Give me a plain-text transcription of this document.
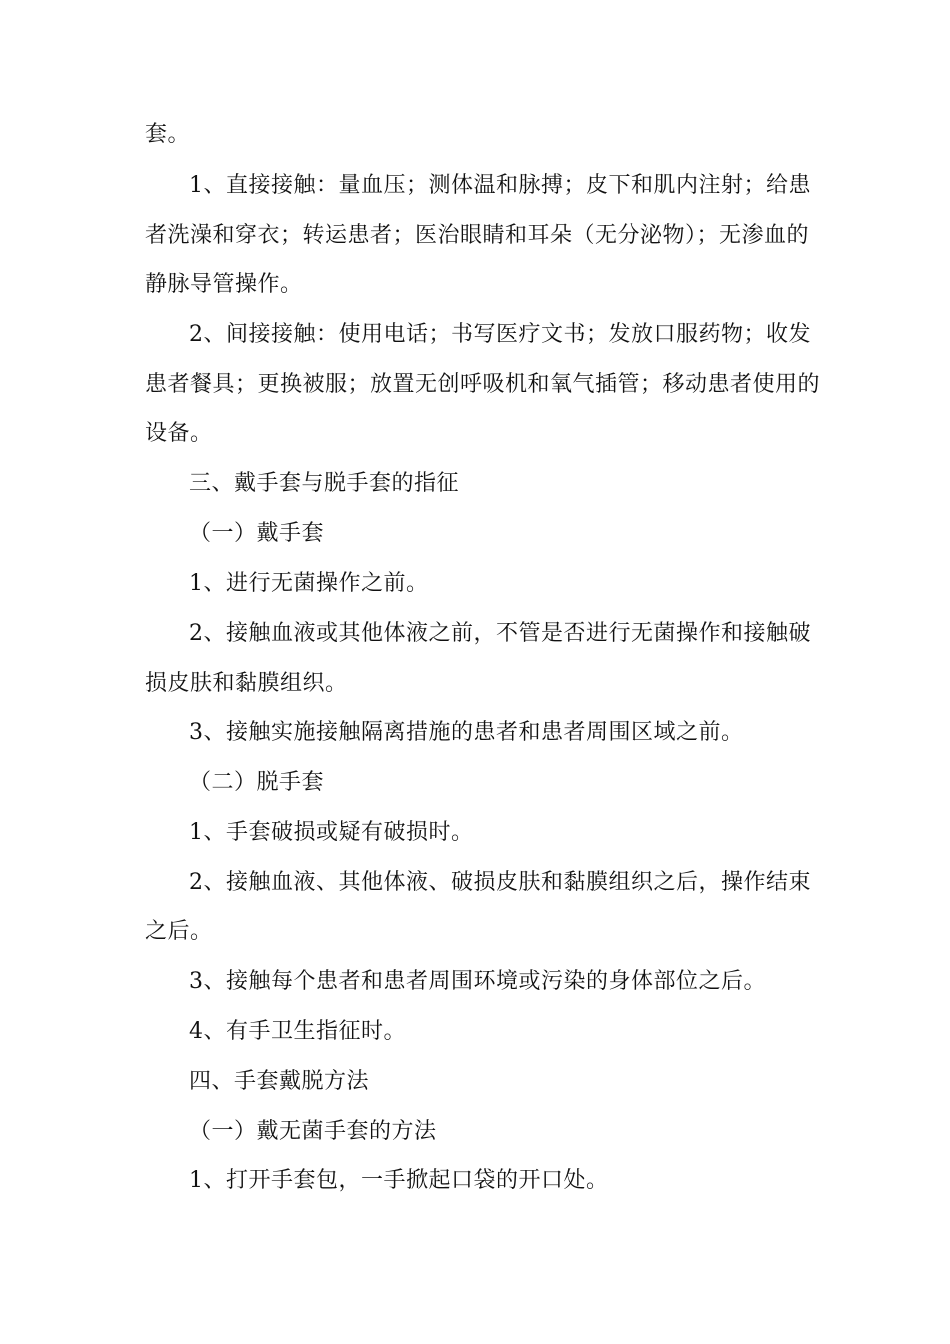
套。
1、直接接触：量血压；测体温和脉搏；皮下和肌内注射；给患
者洗澡和穿衣；转运患者；医治眼睛和耳朵（无分泌物）；无渗血的
静脉导管操作。
2、间接接触：使用电话；书写医疗文书；发放口服药物；收发
患者餐具；更换被服；放置无创呼吸机和氧气插管；移动患者使用的
设备。
三、戴手套与脱手套的指征
（一）戴手套
1、进行无菌操作之前。
2、接触血液或其他体液之前，不管是否进行无菌操作和接触破
损皮肤和黏膜组织。
3、接触实施接触隔离措施的患者和患者周围区域之前。
（二）脱手套
1、手套破损或疑有破损时。
2、接触血液、其他体液、破损皮肤和黏膜组织之后，操作结束
之后。
3、接触每个患者和患者周围环境或污染的身体部位之后。
4、有手卫生指征时。
四、手套戴脱方法
（一）戴无菌手套的方法
1、打开手套包，一手掀起口袋的开口处。
